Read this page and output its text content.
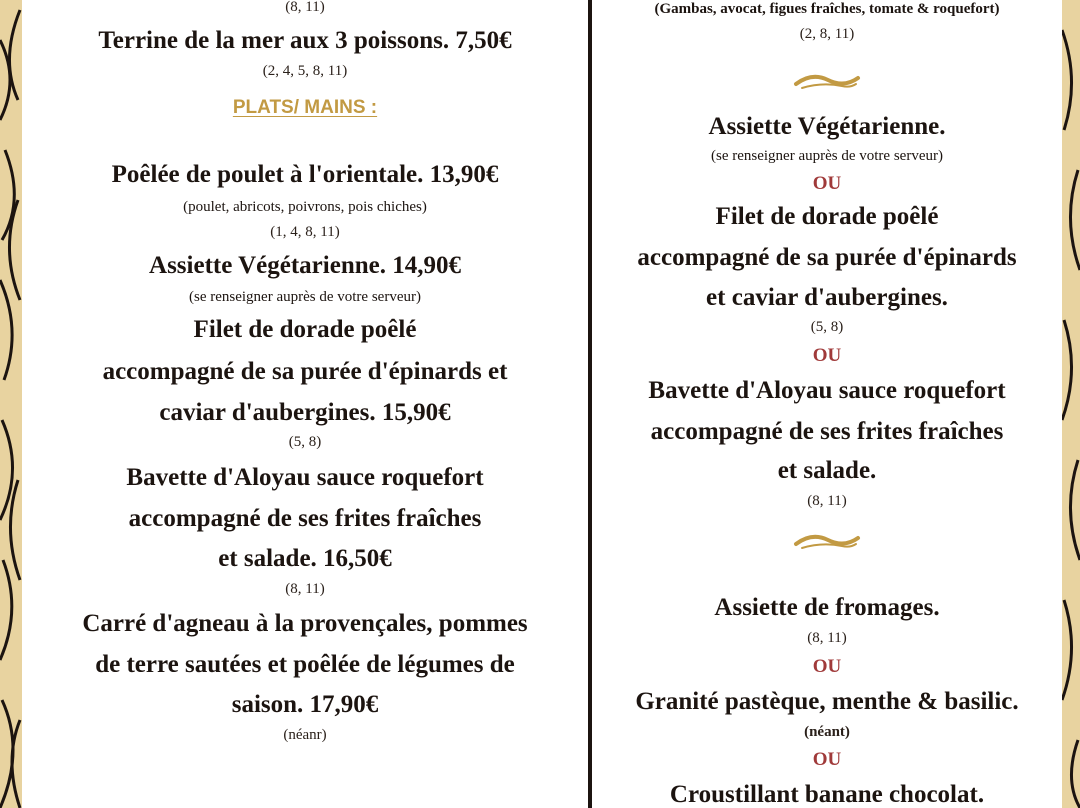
(8, 11)
Terrine de la mer aux 3 poissons. 7,50€
(2, 4, 5, 8, 11)
PLATS/ MAINS :
Poêlée de poulet à l'orientale. 13,90€
(poulet, abricots, poivrons, pois chiches)
(1, 4, 8, 11)
Assiette Végétarienne. 14,90€
(se renseigner auprès de votre serveur)
Filet de dorade poêlé
accompagné de sa purée d'épinards et
caviar d'aubergines. 15,90€
(5, 8)
Bavette d'Aloyau sauce roquefort
accompagné de ses frites fraîches
et salade. 16,50€
(8, 11)
Carré d'agneau à la provençales, pommes
de terre sautées et poêlée de légumes de
saison. 17,90€
(néanr)

(Gambas, avocat, figues fraîches, tomate & roquefort)
(2, 8, 11)
Assiette Végétarienne.
(se renseigner auprès de votre serveur)
OU
Filet de dorade poêlé
accompagné de sa purée d'épinards
et caviar d'aubergines.
(5, 8)
OU
Bavette d'Aloyau sauce roquefort
accompagné de ses frites fraîches
et salade.
(8, 11)
Assiette de fromages.
(8, 11)
OU
Granité pastèque, menthe & basilic.
(néant)
OU
Croustillant banane chocolat.
